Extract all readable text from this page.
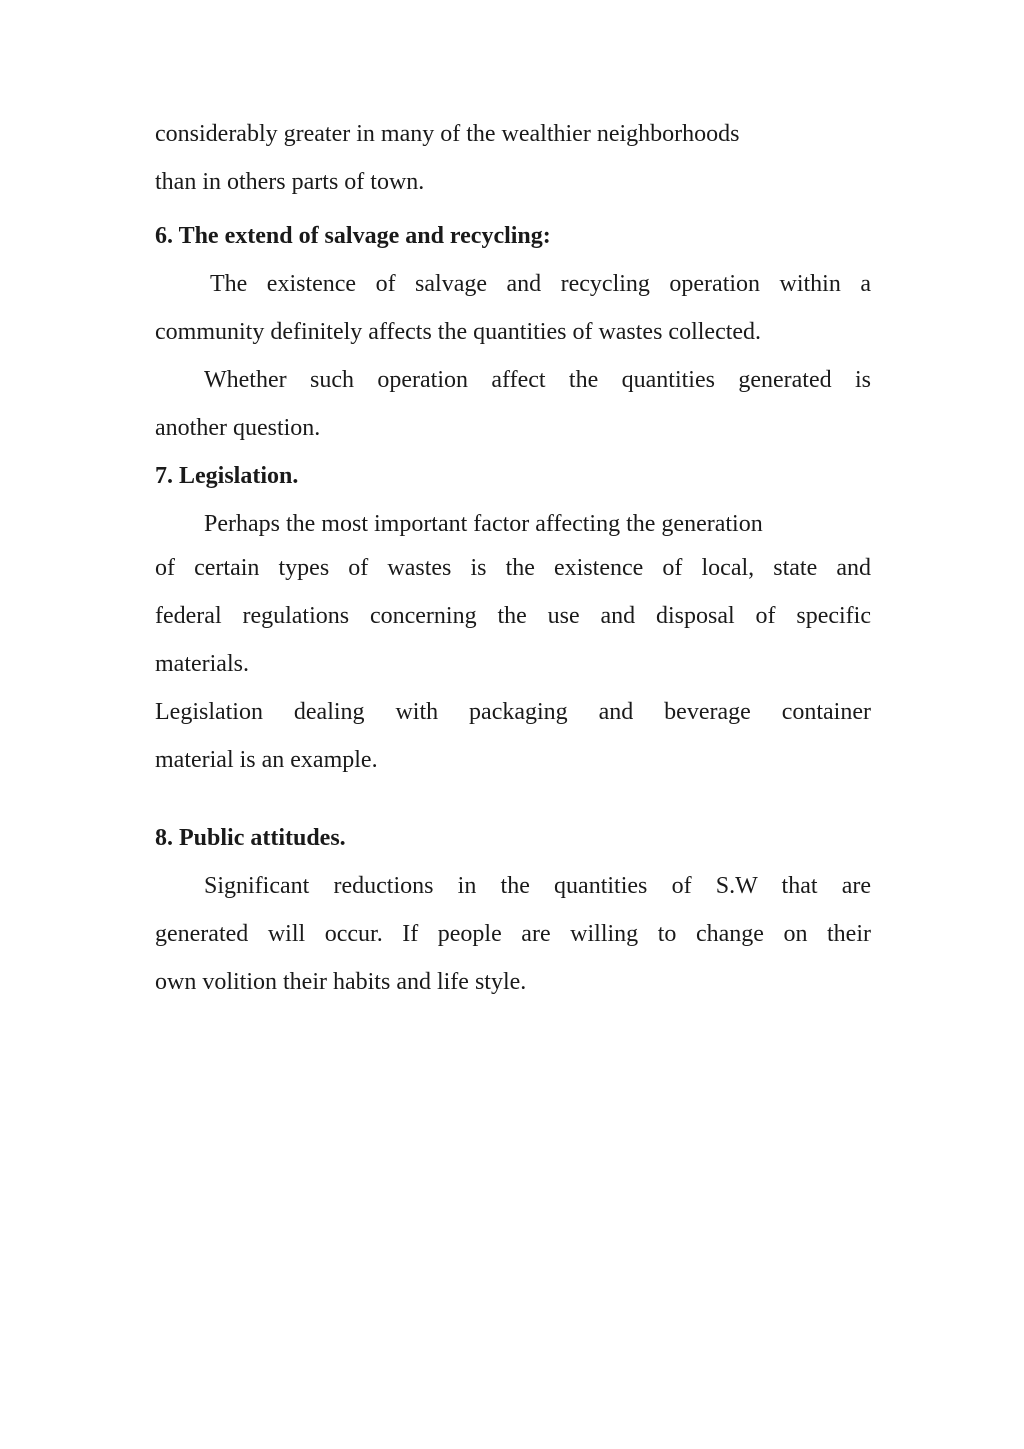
considerably greater in many of the wealthier neighborhoods
than in others parts of town.
6. The extend of salvage and recycling:
The existence of salvage and recycling operation within a
community definitely affects the quantities of wastes collected.
Whether such operation affect the quantities generated is
another question.
7. Legislation.
Perhaps the most important factor affecting the generation
of certain types of wastes is the existence of local, state and
federal regulations concerning the use and disposal of specific
materials.
Legislation dealing with packaging and beverage container
material is an example.
8. Public attitudes.
Significant reductions in the quantities of S.W that are
generated will occur. If people are willing to change on their
own volition their habits and life style.
